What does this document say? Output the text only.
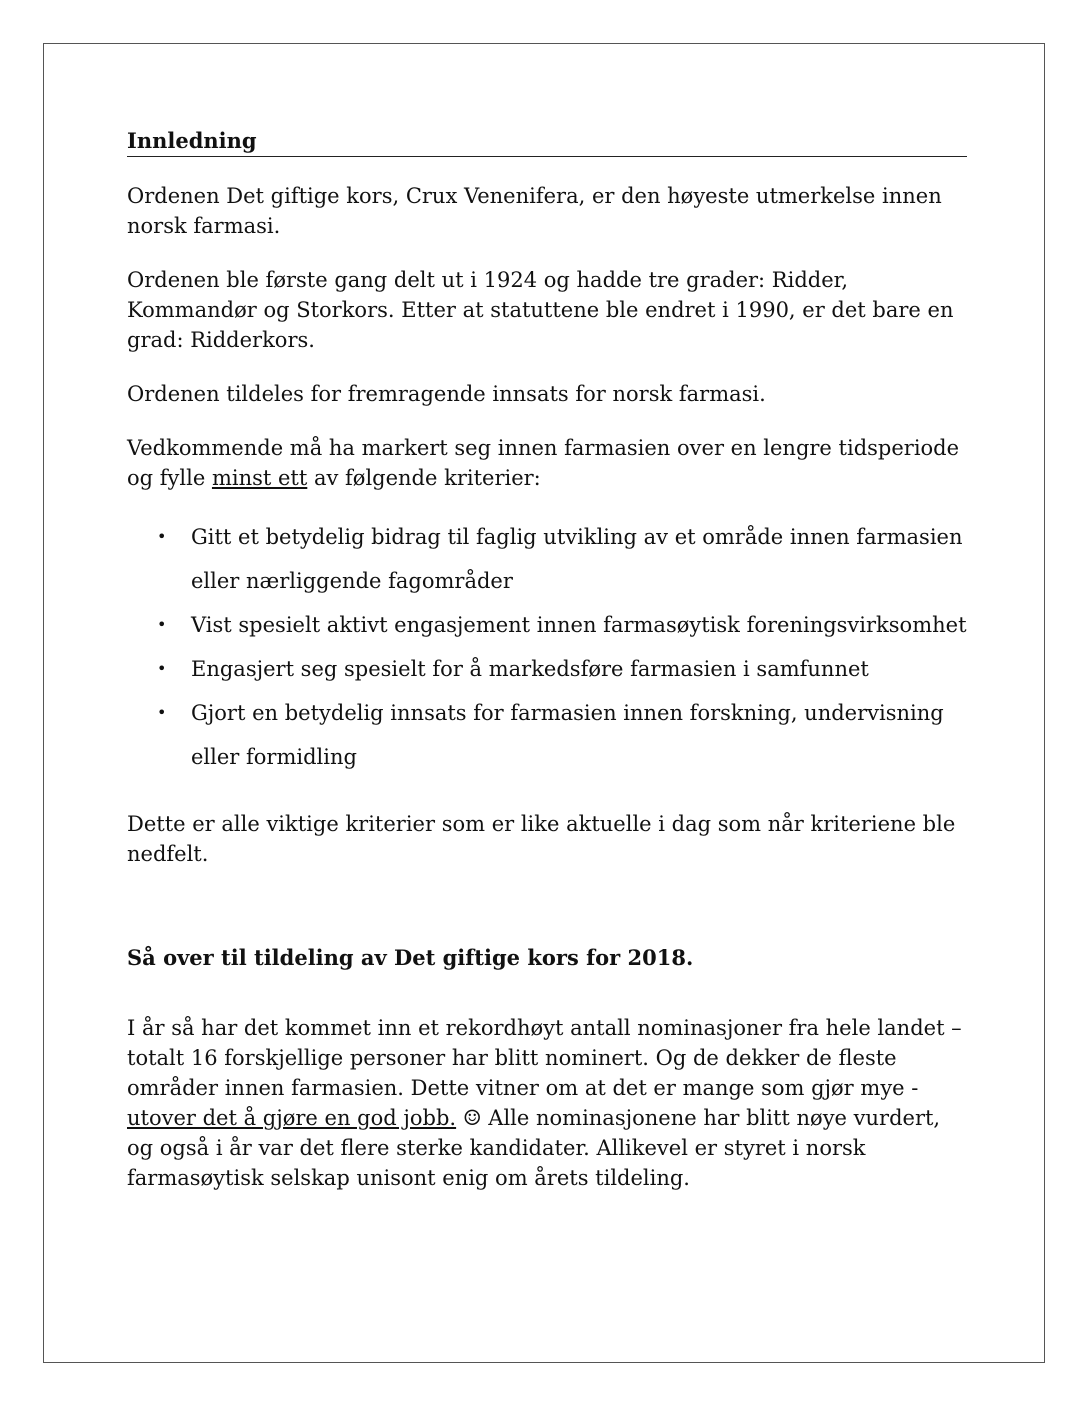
Innledning

Ordenen Det giftige kors, Crux Venenifera, er den høyeste utmerkelse innen norsk farmasi.

Ordenen ble første gang delt ut i 1924 og hadde tre grader: Ridder, Kommandør og Storkors. Etter at statuttene ble endret i 1990, er det bare en grad: Ridderkors.

Ordenen tildeles for fremragende innsats for norsk farmasi.

Vedkommende må ha markert seg innen farmasien over en lengre tidsperiode og fylle minst ett av følgende kriterier:

• Gitt et betydelig bidrag til faglig utvikling av et område innen farmasien eller nærliggende fagområder
• Vist spesielt aktivt engasjement innen farmasøytisk foreningsvirksomhet
• Engasjert seg spesielt for å markedsføre farmasien i samfunnet
• Gjort en betydelig innsats for farmasien innen forskning, undervisning eller formidling

Dette er alle viktige kriterier som er like aktuelle i dag som når kriteriene ble nedfelt.

Så over til tildeling av Det giftige kors for 2018.

I år så har det kommet inn et rekordhøyt antall nominasjoner fra hele landet – totalt 16 forskjellige personer har blitt nominert. Og de dekker de fleste områder innen farmasien. Dette vitner om at det er mange som gjør mye - utover det å gjøre en god jobb. ☺ Alle nominasjonene har blitt nøye vurdert, og også i år var det flere sterke kandidater. Allikevel er styret i norsk farmasøytisk selskap unisont enig om årets tildeling.
